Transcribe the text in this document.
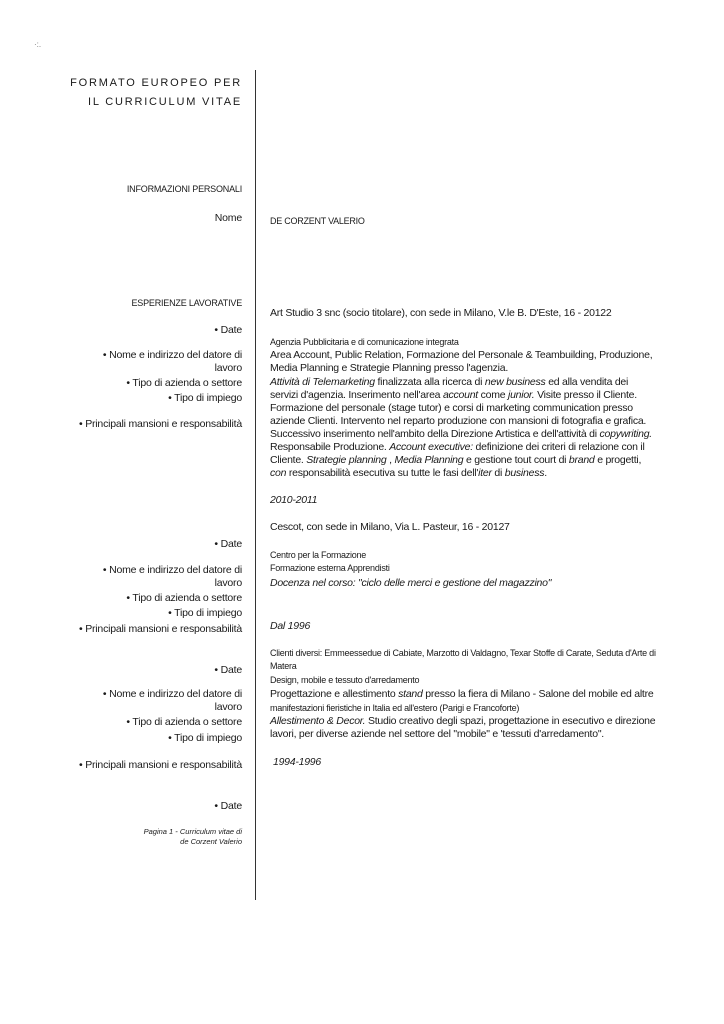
·:.
FORMATO EUROPEO PER
IL CURRICULUM VITAE
INFORMAZIONI PERSONALI
Nome	DE CORZENT VALERIO
ESPERIENZE LAVORATIVE
• Date
• Nome e indirizzo del datore di
lavoro
• Tipo di azienda o settore
• Tipo di impiego
• Principali mansioni e responsabilità
• Date
• Nome e indirizzo del datore di
lavoro
• Tipo di azienda o settore
• Tipo di impiego
• Principali mansioni e responsabilità
• Date
• Nome e indirizzo del datore di
lavoro
• Tipo di azienda o settore
• Tipo di impiego
• Principali mansioni e responsabilità
• Date
Art Studio 3 snc (socio titolare), con sede in Milano, V.le B. D'Este, 16 - 20122
Agenzia Pubblicitaria e di comunicazione integrata
Area Account, Public Relation, Formazione del Personale & Teambuilding, Produzione, Media Planning e Strategie Planning presso l'agenzia.
Attività di Telemarketing finalizzata alla ricerca di new business ed alla vendita dei servizi d'agenzia. Inserimento nell'area account come junior. Visite presso il Cliente. Formazione del personale (stage tutor) e corsi di marketing communication presso aziende Clienti. Intervento nel reparto produzione con mansioni di fotografia e grafica. Successivo inserimento nell'ambito della Direzione Artistica e dell'attività di copywriting. Responsabile Produzione. Account executive: definizione dei criteri di relazione con il Cliente. Strategie planning , Media Planning e gestione tout court di brand e progetti, con responsabilità esecutiva su tutte le fasi dell'iter di business.
2010-2011
Cescot, con sede in Milano, Via L. Pasteur, 16 - 20127
Centro per la Formazione
Formazione esterna Apprendisti
Docenza nel corso: "ciclo delle merci e gestione del magazzino"
Dal 1996
Clienti diversi: Emmeessedue di Cabiate, Marzotto di Valdagno, Texar Stoffe di Carate, Seduta d'Arte di Matera
Design, mobile e tessuto d'arredamento
Progettazione e allestimento stand presso la fiera di Milano - Salone del mobile ed altre
manifestazioni fieristiche in Italia ed all'estero (Parigi e Francoforte)
Allestimento & Decor. Studio creativo degli spazi, progettazione in esecutivo e direzione lavori, per diverse aziende nel settore del "mobile" e 'tessuti d'arredamento".
1994-1996
Pagina 1 - Curriculum vitae di
de Corzent Valerio
